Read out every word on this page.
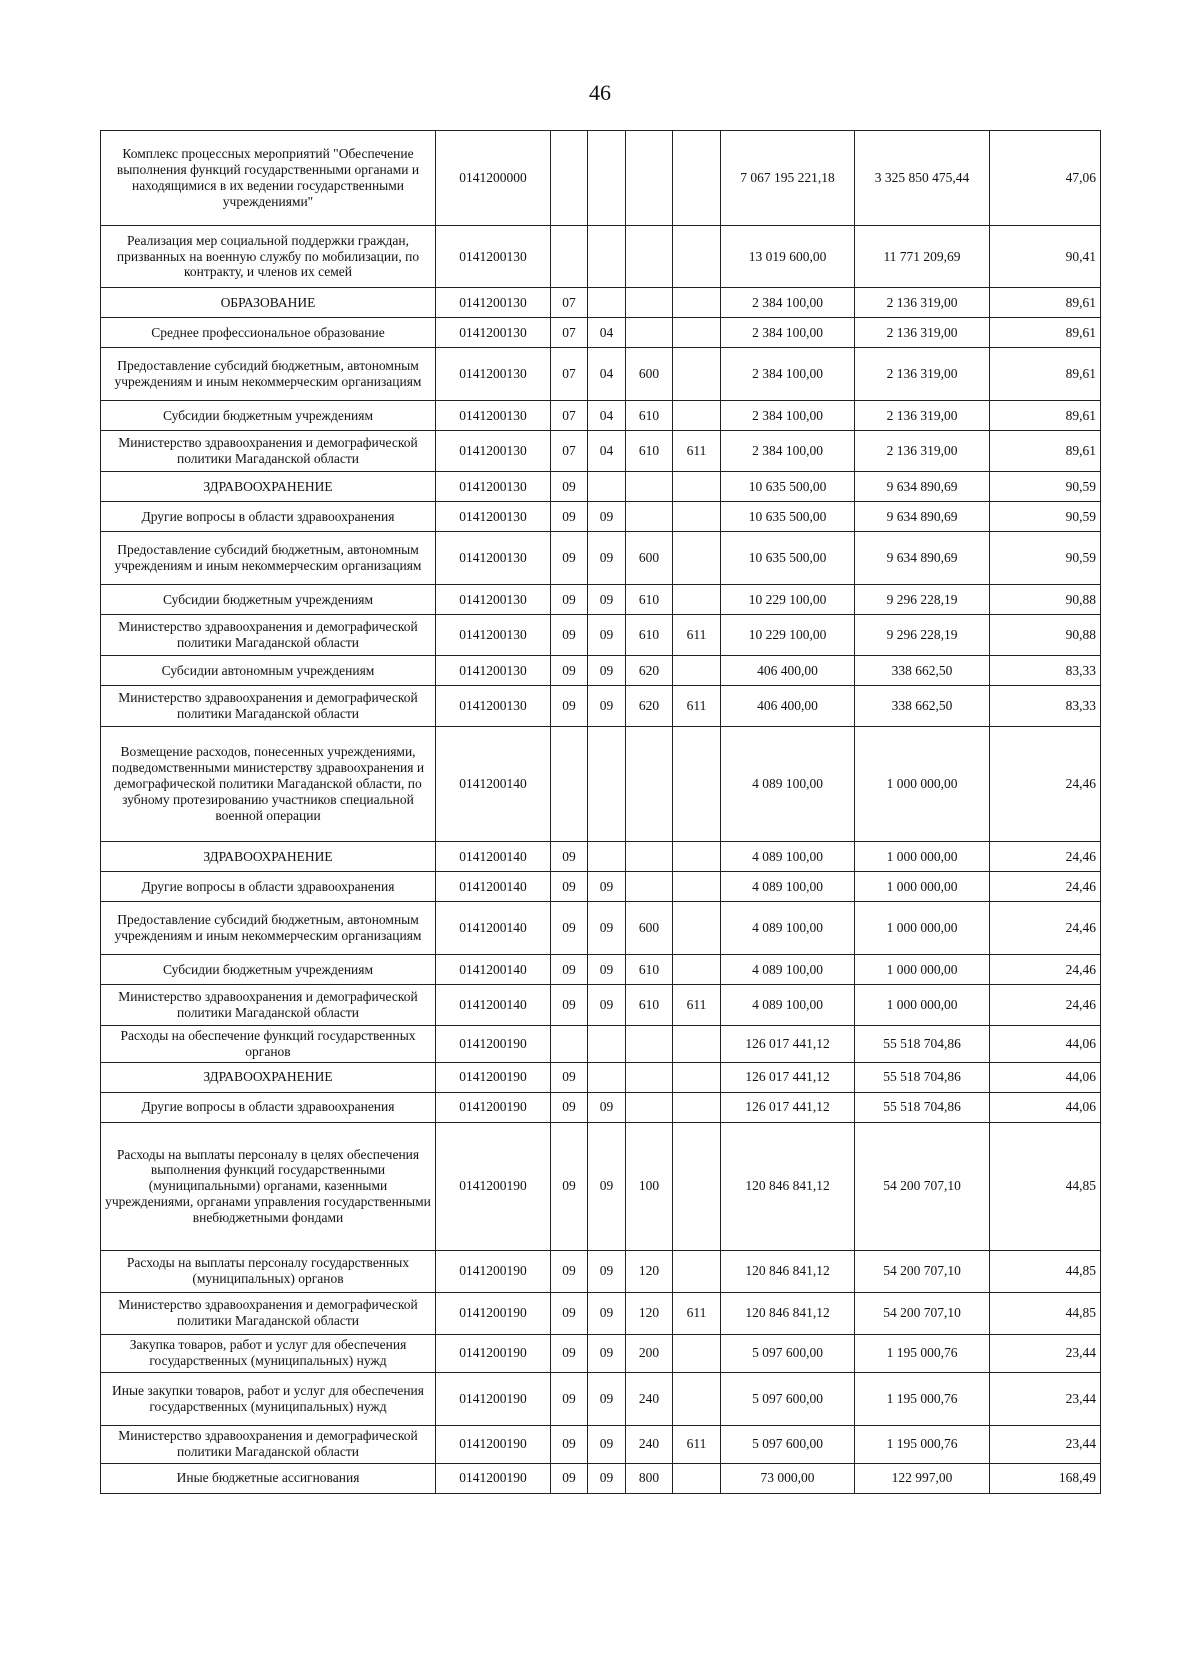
46
Комплекс процессных мероприятий "Обеспечение выполнения функций государственными органами и находящимися в их ведении государственными учреждениями"	0141200000					7 067 195 221,18	3 325 850 475,44	47,06
Реализация мер социальной поддержки граждан, призванных на военную службу по мобилизации, по контракту, и членов их семей	0141200130					13 019 600,00	11 771 209,69	90,41
ОБРАЗОВАНИЕ	0141200130	07				2 384 100,00	2 136 319,00	89,61
Среднее профессиональное образование	0141200130	07	04			2 384 100,00	2 136 319,00	89,61
Предоставление субсидий бюджетным, автономным учреждениям и иным некоммерческим организациям	0141200130	07	04	600		2 384 100,00	2 136 319,00	89,61
Субсидии бюджетным учреждениям	0141200130	07	04	610		2 384 100,00	2 136 319,00	89,61
Министерство здравоохранения и демографической политики Магаданской области	0141200130	07	04	610	611	2 384 100,00	2 136 319,00	89,61
ЗДРАВООХРАНЕНИЕ	0141200130	09				10 635 500,00	9 634 890,69	90,59
Другие вопросы в области здравоохранения	0141200130	09	09			10 635 500,00	9 634 890,69	90,59
Предоставление субсидий бюджетным, автономным учреждениям и иным некоммерческим организациям	0141200130	09	09	600		10 635 500,00	9 634 890,69	90,59
Субсидии бюджетным учреждениям	0141200130	09	09	610		10 229 100,00	9 296 228,19	90,88
Министерство здравоохранения и демографической политики Магаданской области	0141200130	09	09	610	611	10 229 100,00	9 296 228,19	90,88
Субсидии автономным учреждениям	0141200130	09	09	620		406 400,00	338 662,50	83,33
Министерство здравоохранения и демографической политики Магаданской области	0141200130	09	09	620	611	406 400,00	338 662,50	83,33
Возмещение расходов, понесенных учреждениями, подведомственными министерству здравоохранения и демографической политики Магаданской области, по зубному протезированию участников специальной военной операции	0141200140					4 089 100,00	1 000 000,00	24,46
ЗДРАВООХРАНЕНИЕ	0141200140	09				4 089 100,00	1 000 000,00	24,46
Другие вопросы в области здравоохранения	0141200140	09	09			4 089 100,00	1 000 000,00	24,46
Предоставление субсидий бюджетным, автономным учреждениям и иным некоммерческим организациям	0141200140	09	09	600		4 089 100,00	1 000 000,00	24,46
Субсидии бюджетным учреждениям	0141200140	09	09	610		4 089 100,00	1 000 000,00	24,46
Министерство здравоохранения и демографической политики Магаданской области	0141200140	09	09	610	611	4 089 100,00	1 000 000,00	24,46
Расходы на обеспечение функций государственных органов	0141200190					126 017 441,12	55 518 704,86	44,06
ЗДРАВООХРАНЕНИЕ	0141200190	09				126 017 441,12	55 518 704,86	44,06
Другие вопросы в области здравоохранения	0141200190	09	09			126 017 441,12	55 518 704,86	44,06
Расходы на выплаты персоналу в целях обеспечения выполнения функций государственными (муниципальными) органами, казенными учреждениями, органами управления государственными внебюджетными фондами	0141200190	09	09	100		120 846 841,12	54 200 707,10	44,85
Расходы на выплаты персоналу государственных (муниципальных) органов	0141200190	09	09	120		120 846 841,12	54 200 707,10	44,85
Министерство здравоохранения и демографической политики Магаданской области	0141200190	09	09	120	611	120 846 841,12	54 200 707,10	44,85
Закупка товаров, работ и услуг для обеспечения государственных (муниципальных) нужд	0141200190	09	09	200		5 097 600,00	1 195 000,76	23,44
Иные закупки товаров, работ и услуг для обеспечения государственных (муниципальных) нужд	0141200190	09	09	240		5 097 600,00	1 195 000,76	23,44
Министерство здравоохранения и демографической политики Магаданской области	0141200190	09	09	240	611	5 097 600,00	1 195 000,76	23,44
Иные бюджетные ассигнования	0141200190	09	09	800		73 000,00	122 997,00	168,49
